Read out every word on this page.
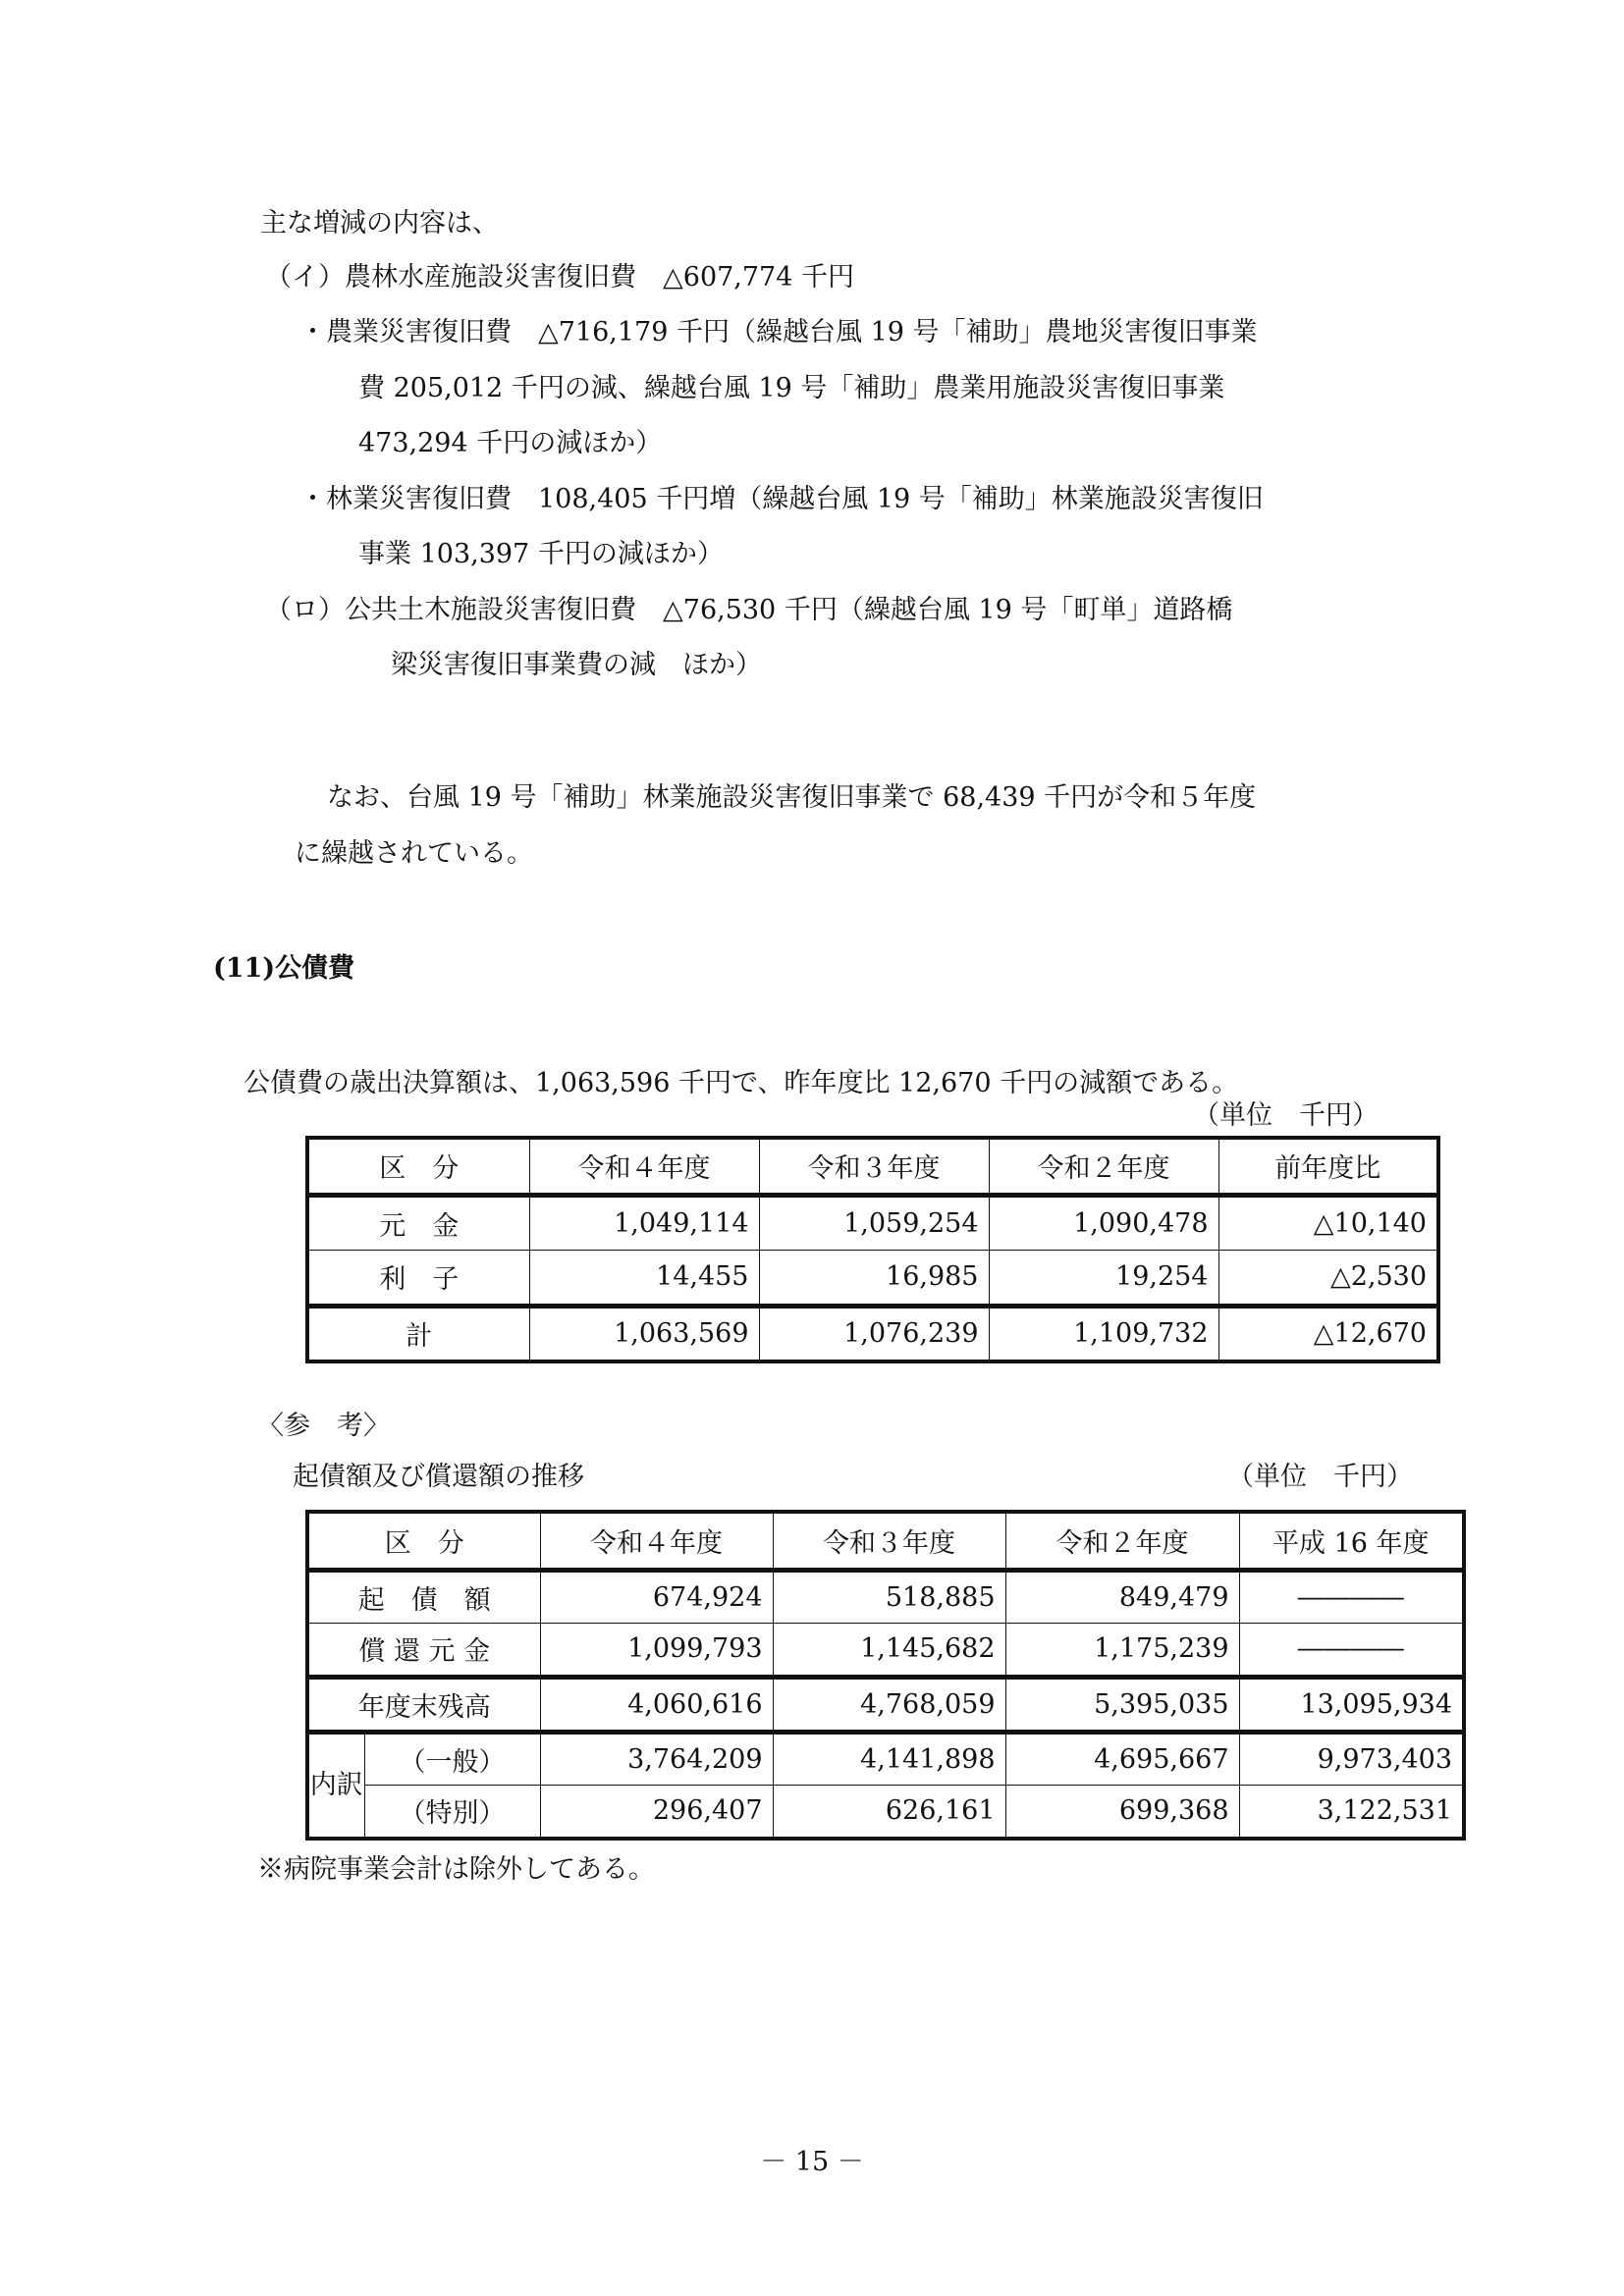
主な増減の内容は、
（イ）農林水産施設災害復旧費　△607,774 千円
・農業災害復旧費　△716,179 千円（繰越台風 19 号「補助」農地災害復旧事業
費 205,012 千円の減、繰越台風 19 号「補助」農業用施設災害復旧事業
473,294 千円の減ほか）
・林業災害復旧費　108,405 千円増（繰越台風 19 号「補助」林業施設災害復旧
事業 103,397 千円の減ほか）
（ロ）公共土木施設災害復旧費　△76,530 千円（繰越台風 19 号「町単」道路橋
梁災害復旧事業費の減　ほか）
なお、台風 19 号「補助」林業施設災害復旧事業で 68,439 千円が令和５年度
に繰越されている。
(11)公債費
公債費の歳出決算額は、1,063,596 千円で、昨年度比 12,670 千円の減額である。
（単位　千円）
区　分	令和４年度	令和３年度	令和２年度	前年度比
元　金	1,049,114	1,059,254	1,090,478	△10,140
利　子	14,455	16,985	19,254	△2,530
計	1,063,569	1,076,239	1,109,732	△12,670
〈参　考〉
起債額及び償還額の推移	（単位　千円）
区　分		令和４年度	令和３年度	令和２年度	平成 16 年度
起　債　額		674,924	518,885	849,479	――――
償 還 元 金		1,099,793	1,145,682	1,175,239	――――
年度末残高		4,060,616	4,768,059	5,395,035	13,095,934
内訳	（一般）	3,764,209	4,141,898	4,695,667	9,973,403
	（特別）	296,407	626,161	699,368	3,122,531
※病院事業会計は除外してある。
－ 15 －
